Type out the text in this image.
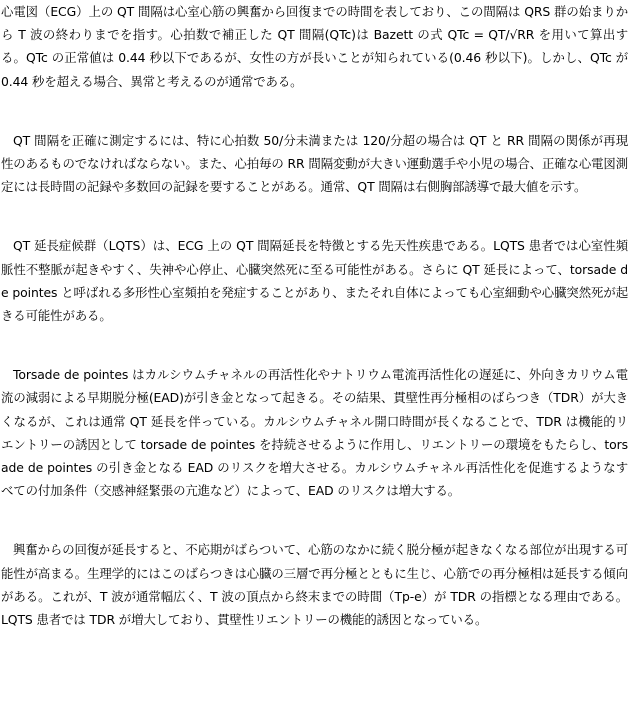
心電図（ECG）上の QT 間隔は心室心筋の興奮から回復までの時間を表しており、この間隔は QRS 群の始まりから T 波の終わりまでを指す。心拍数で補正した QT 間隔(QTc)は Bazett の式 QTc = QT/√RR を用いて算出する。QTc の正常値は 0.44 秒以下であるが、女性の方が長いことが知られている(0.46 秒以下)。しかし、QTc が 0.44 秒を超える場合、異常と考えるのが通常である。

QT 間隔を正確に測定するには、特に心拍数 50/分未満または 120/分超の場合は QT と RR 間隔の関係が再現性のあるものでなければならない。また、心拍毎の RR 間隔変動が大きい運動選手や小児の場合、正確な心電図測定には長時間の記録や多数回の記録を要することがある。通常、QT 間隔は右側胸部誘導で最大値を示す。

QT 延長症候群（LQTS）は、ECG 上の QT 間隔延長を特徴とする先天性疾患である。LQTS 患者では心室性頻脈性不整脈が起きやすく、失神や心停止、心臓突然死に至る可能性がある。さらに QT 延長によって、torsade de pointes と呼ばれる多形性心室頻拍を発症することがあり、またそれ自体によっても心室細動や心臓突然死が起きる可能性がある。

Torsade de pointes はカルシウムチャネルの再活性化やナトリウム電流再活性化の遅延に、外向きカリウム電流の減弱による早期脱分極(EAD)が引き金となって起きる。その結果、貫壁性再分極相のばらつき（TDR）が大きくなるが、これは通常 QT 延長を伴っている。カルシウムチャネル開口時間が長くなることで、TDR は機能的リエントリーの誘因として torsade de pointes を持続させるように作用し、リエントリーの環境をもたらし、torsade de pointes の引き金となる EAD のリスクを増大させる。カルシウムチャネル再活性化を促進するようなすべての付加条件（交感神経緊張の亢進など）によって、EAD のリスクは増大する。

興奮からの回復が延長すると、不応期がばらついて、心筋のなかに続く脱分極が起きなくなる部位が出現する可能性が高まる。生理学的にはこのばらつきは心臓の三層で再分極とともに生じ、心筋での再分極相は延長する傾向がある。これが、T 波が通常幅広く、T 波の頂点から終末までの時間（Tp-e）が TDR の指標となる理由である。LQTS 患者では TDR が増大しており、貫壁性リエントリーの機能的誘因となっている。
